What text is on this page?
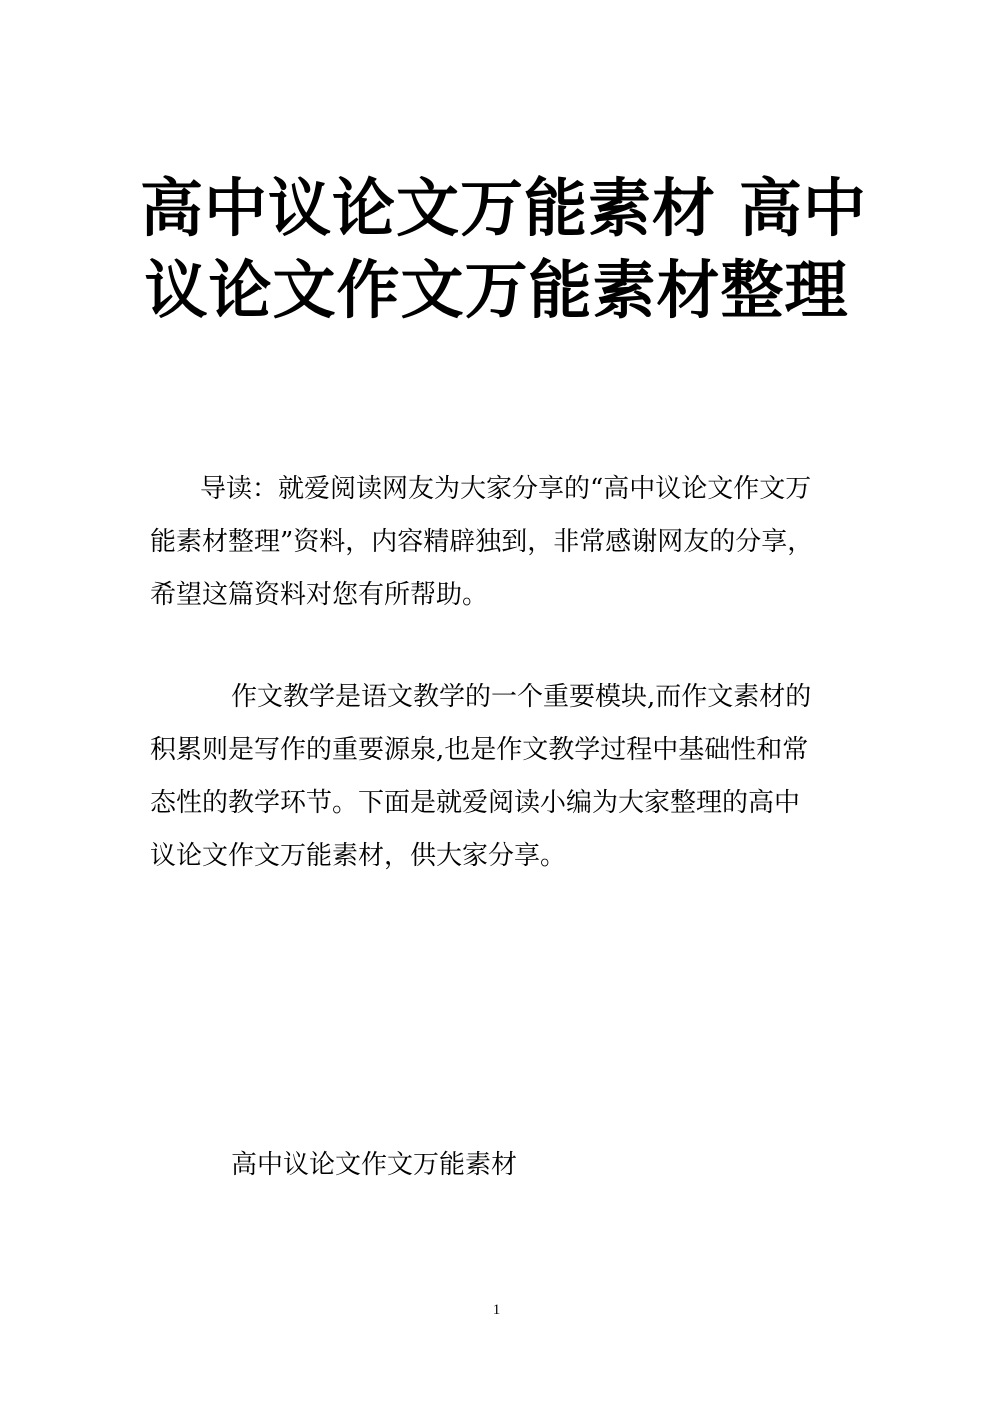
高中议论文万能素材 高中
议论文作文万能素材整理

导读：就爱阅读网友为大家分享的“高中议论文作文万
能素材整理”资料，内容精辟独到，非常感谢网友的分享，
希望这篇资料对您有所帮助。

作文教学是语文教学的一个重要模块,而作文素材的
积累则是写作的重要源泉,也是作文教学过程中基础性和常
态性的教学环节。下面是就爱阅读小编为大家整理的高中
议论文作文万能素材，供大家分享。

高中议论文作文万能素材
1
